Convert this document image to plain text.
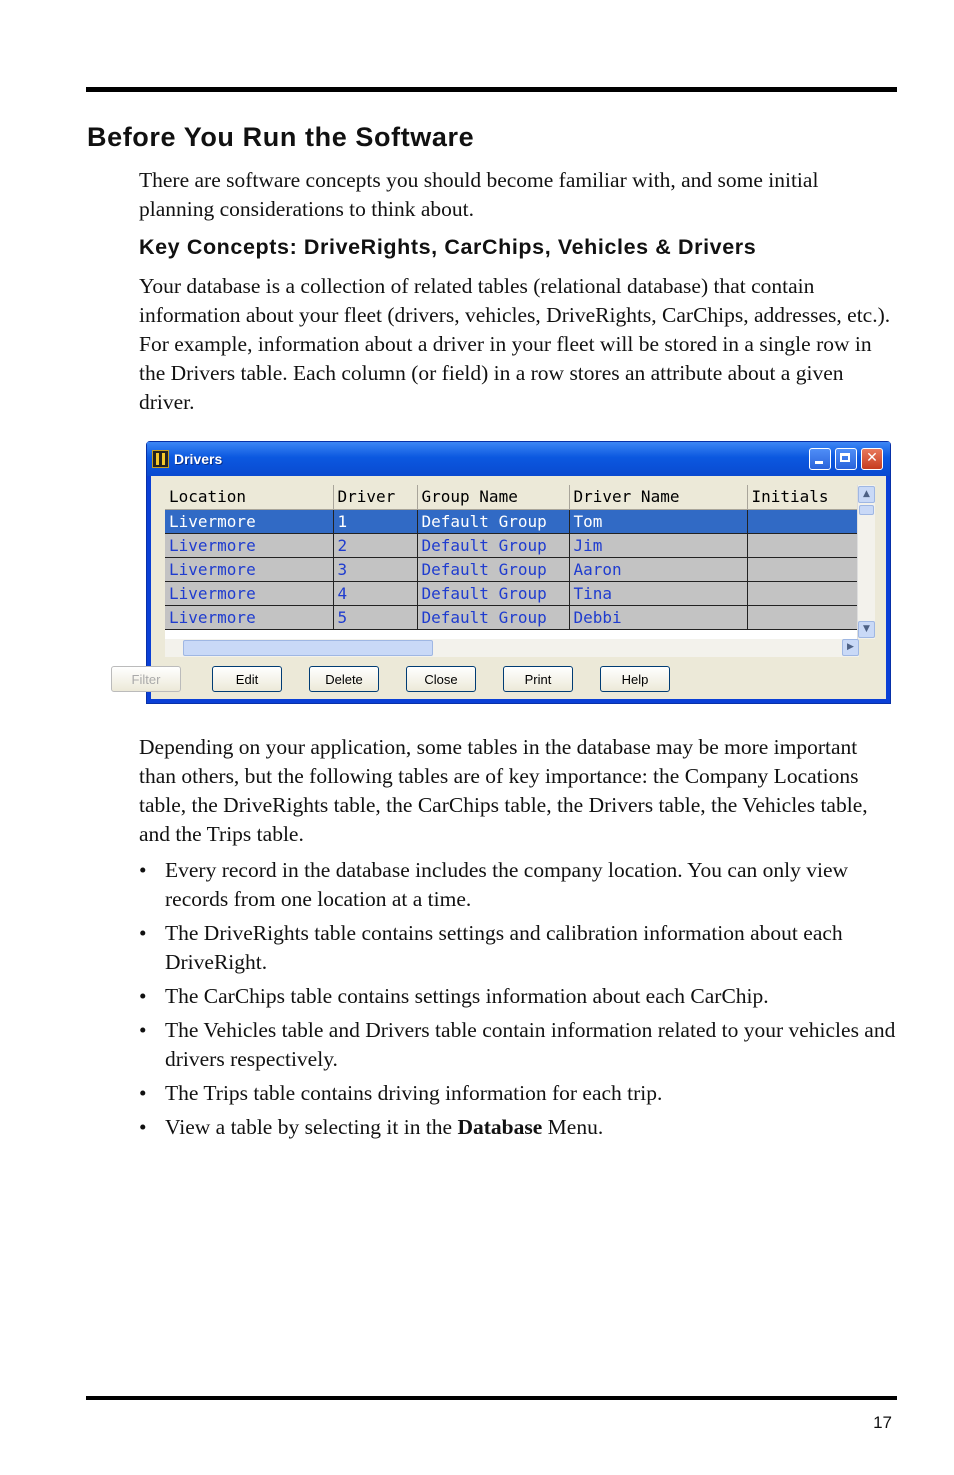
Before You Run the Software

There are software concepts you should become familiar with, and some initial planning considerations to think about.

Key Concepts: DriveRights, CarChips, Vehicles & Drivers

Your database is a collection of related tables (relational database) that contain information about your fleet (drivers, vehicles, DriveRights, CarChips, addresses, etc.). For example, information about a driver in your fleet will be stored in a single row in the Drivers table. Each column (or field) in a row stores an attribute about a given driver.

Drivers	✕
Location	Driver	Group Name	Driver Name	Initials
Livermore	1	Default Group	Tom	
Livermore	2	Default Group	Jim	
Livermore	3	Default Group	Aaron	
Livermore	4	Default Group	Tina	
Livermore	5	Default Group	Debbi	
▲
▼
▶
Filter	Edit	Delete	Close	Print	Help

Depending on your application, some tables in the database may be more important than others, but the following tables are of key importance: the Company Locations table, the DriveRights table, the CarChips table, the Drivers table, the Vehicles table, and the Trips table.

• Every record in the database includes the company location. You can only view records from one location at a time.
• The DriveRights table contains settings and calibration information about each DriveRight.
• The CarChips table contains settings information about each CarChip.
• The Vehicles table and Drivers table contain information related to your vehicles and drivers respectively.
• The Trips table contains driving information for each trip.
• View a table by selecting it in the Database Menu.
17
